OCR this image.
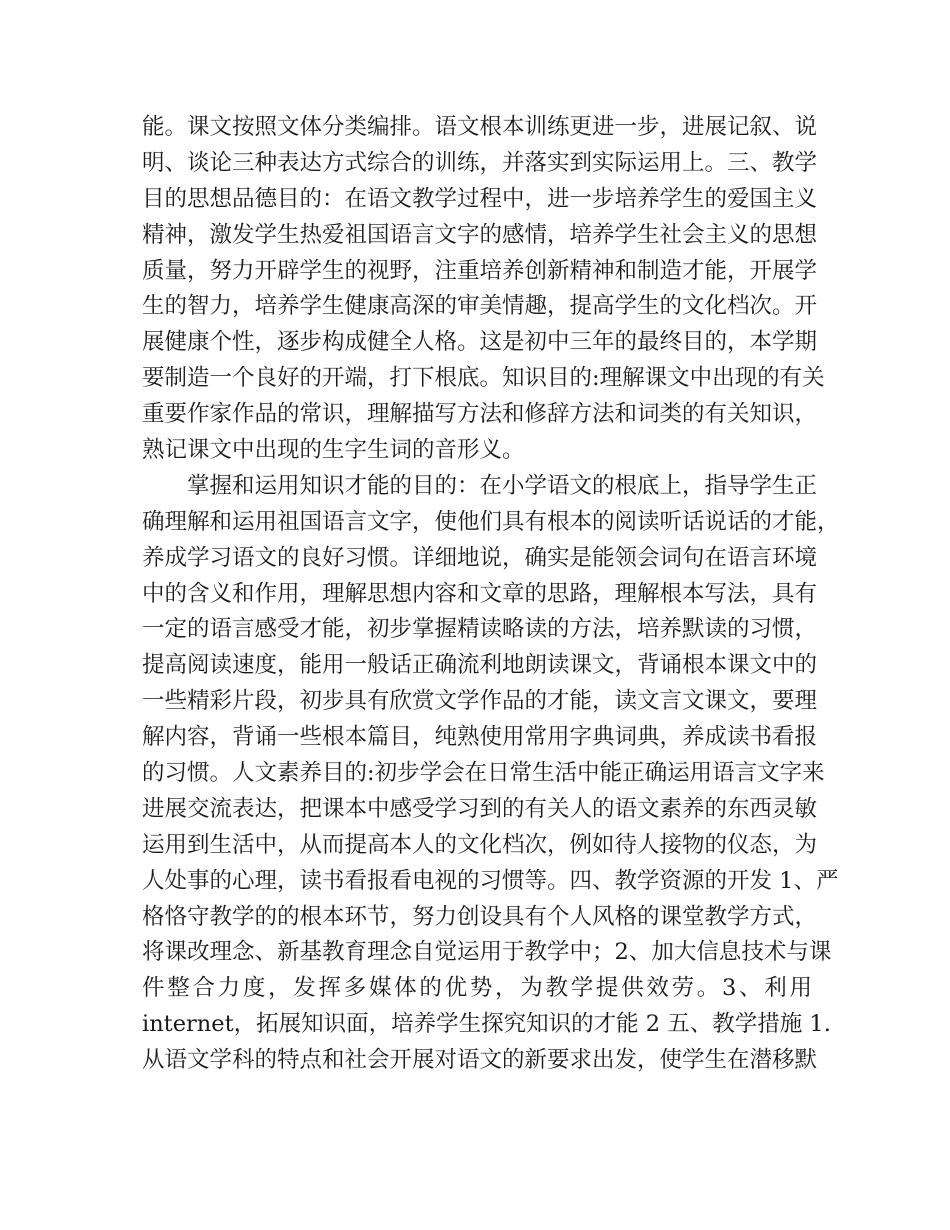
能。课文按照文体分类编排。语文根本训练更进一步，进展记叙、说
明、谈论三种表达方式综合的训练，并落实到实际运用上。三、教学
目的思想品德目的：在语文教学过程中，进一步培养学生的爱国主义
精神，激发学生热爱祖国语言文字的感情，培养学生社会主义的思想
质量，努力开辟学生的视野，注重培养创新精神和制造才能，开展学
生的智力，培养学生健康高深的审美情趣，提高学生的文化档次。开
展健康个性，逐步构成健全人格。这是初中三年的最终目的，本学期
要制造一个良好的开端，打下根底。知识目的:理解课文中出现的有关
重要作家作品的常识，理解描写方法和修辞方法和词类的有关知识，
熟记课文中出现的生字生词的音形义。
掌握和运用知识才能的目的：在小学语文的根底上，指导学生正
确理解和运用祖国语言文字，使他们具有根本的阅读听话说话的才能，
养成学习语文的良好习惯。详细地说，确实是能领会词句在语言环境
中的含义和作用，理解思想内容和文章的思路，理解根本写法，具有
一定的语言感受才能，初步掌握精读略读的方法，培养默读的习惯，
提高阅读速度，能用一般话正确流利地朗读课文，背诵根本课文中的
一些精彩片段，初步具有欣赏文学作品的才能，读文言文课文，要理
解内容，背诵一些根本篇目，纯熟使用常用字典词典，养成读书看报
的习惯。人文素养目的:初步学会在日常生活中能正确运用语言文字来
进展交流表达，把课本中感受学习到的有关人的语文素养的东西灵敏
运用到生活中，从而提高本人的文化档次，例如待人接物的仪态，为
人处事的心理，读书看报看电视的习惯等。四、教学资源的开发 1、严
格恪守教学的的根本环节，努力创设具有个人风格的课堂教学方式，
将课改理念、新基教育理念自觉运用于教学中；2、加大信息技术与课
件整合力度，发挥多媒体的优势，为教学提供效劳。3、利用
internet，拓展知识面，培养学生探究知识的才能 2 五、教学措施 1.
从语文学科的特点和社会开展对语文的新要求出发，使学生在潜移默
